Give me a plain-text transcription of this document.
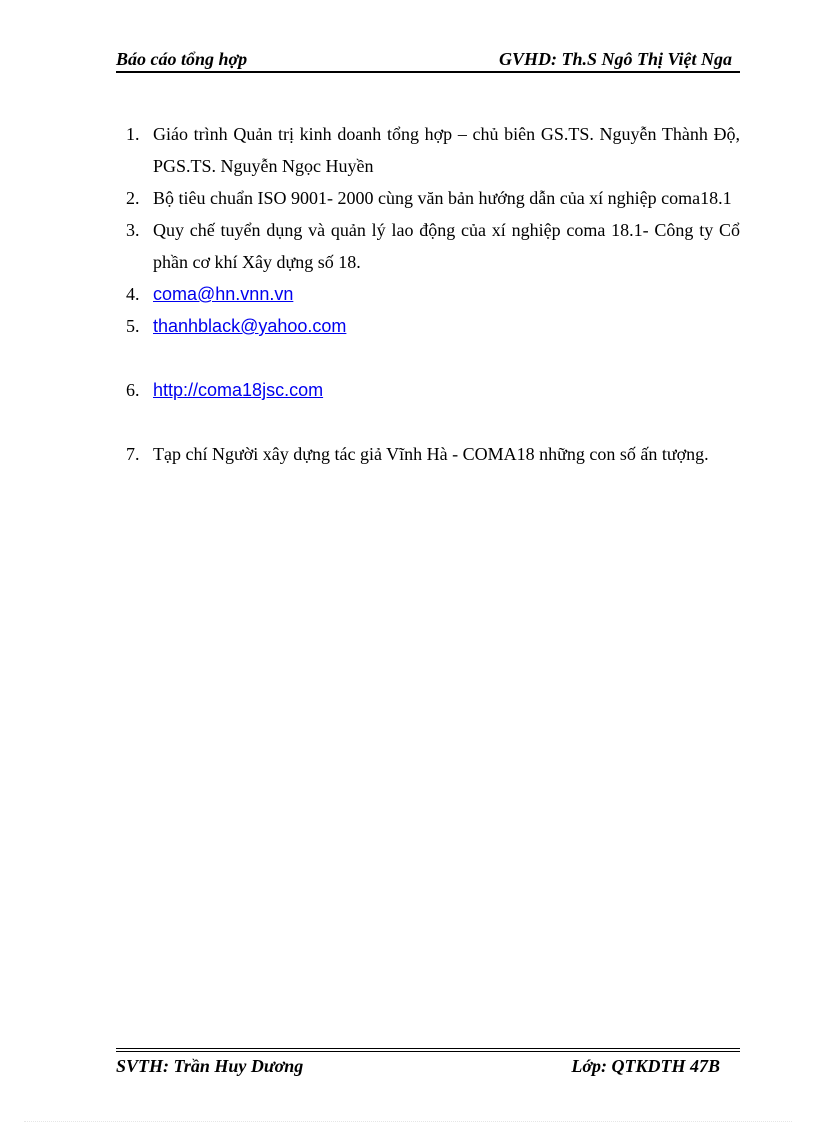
Báo cáo tổng hợp	GVHD: Th.S Ngô Thị Việt Nga
1. Giáo trình Quản trị kinh doanh tổng hợp – chủ biên GS.TS. Nguyễn Thành Độ, PGS.TS. Nguyễn Ngọc Huyền
2. Bộ tiêu chuẩn ISO 9001- 2000 cùng văn bản hướng dẫn của xí nghiệp coma18.1
3. Quy chế tuyển dụng và quản lý lao động của xí nghiệp coma 18.1- Công ty Cổ phần cơ khí Xây dựng số 18.
4. coma@hn.vnn.vn
5. thanhblack@yahoo.com
6. http://coma18jsc.com
7. Tạp chí Người xây dựng tác giả Vĩnh Hà - COMA18 những con số ấn tượng.
SVTH: Trần Huy Dương	Lớp: QTKDTH 47B
